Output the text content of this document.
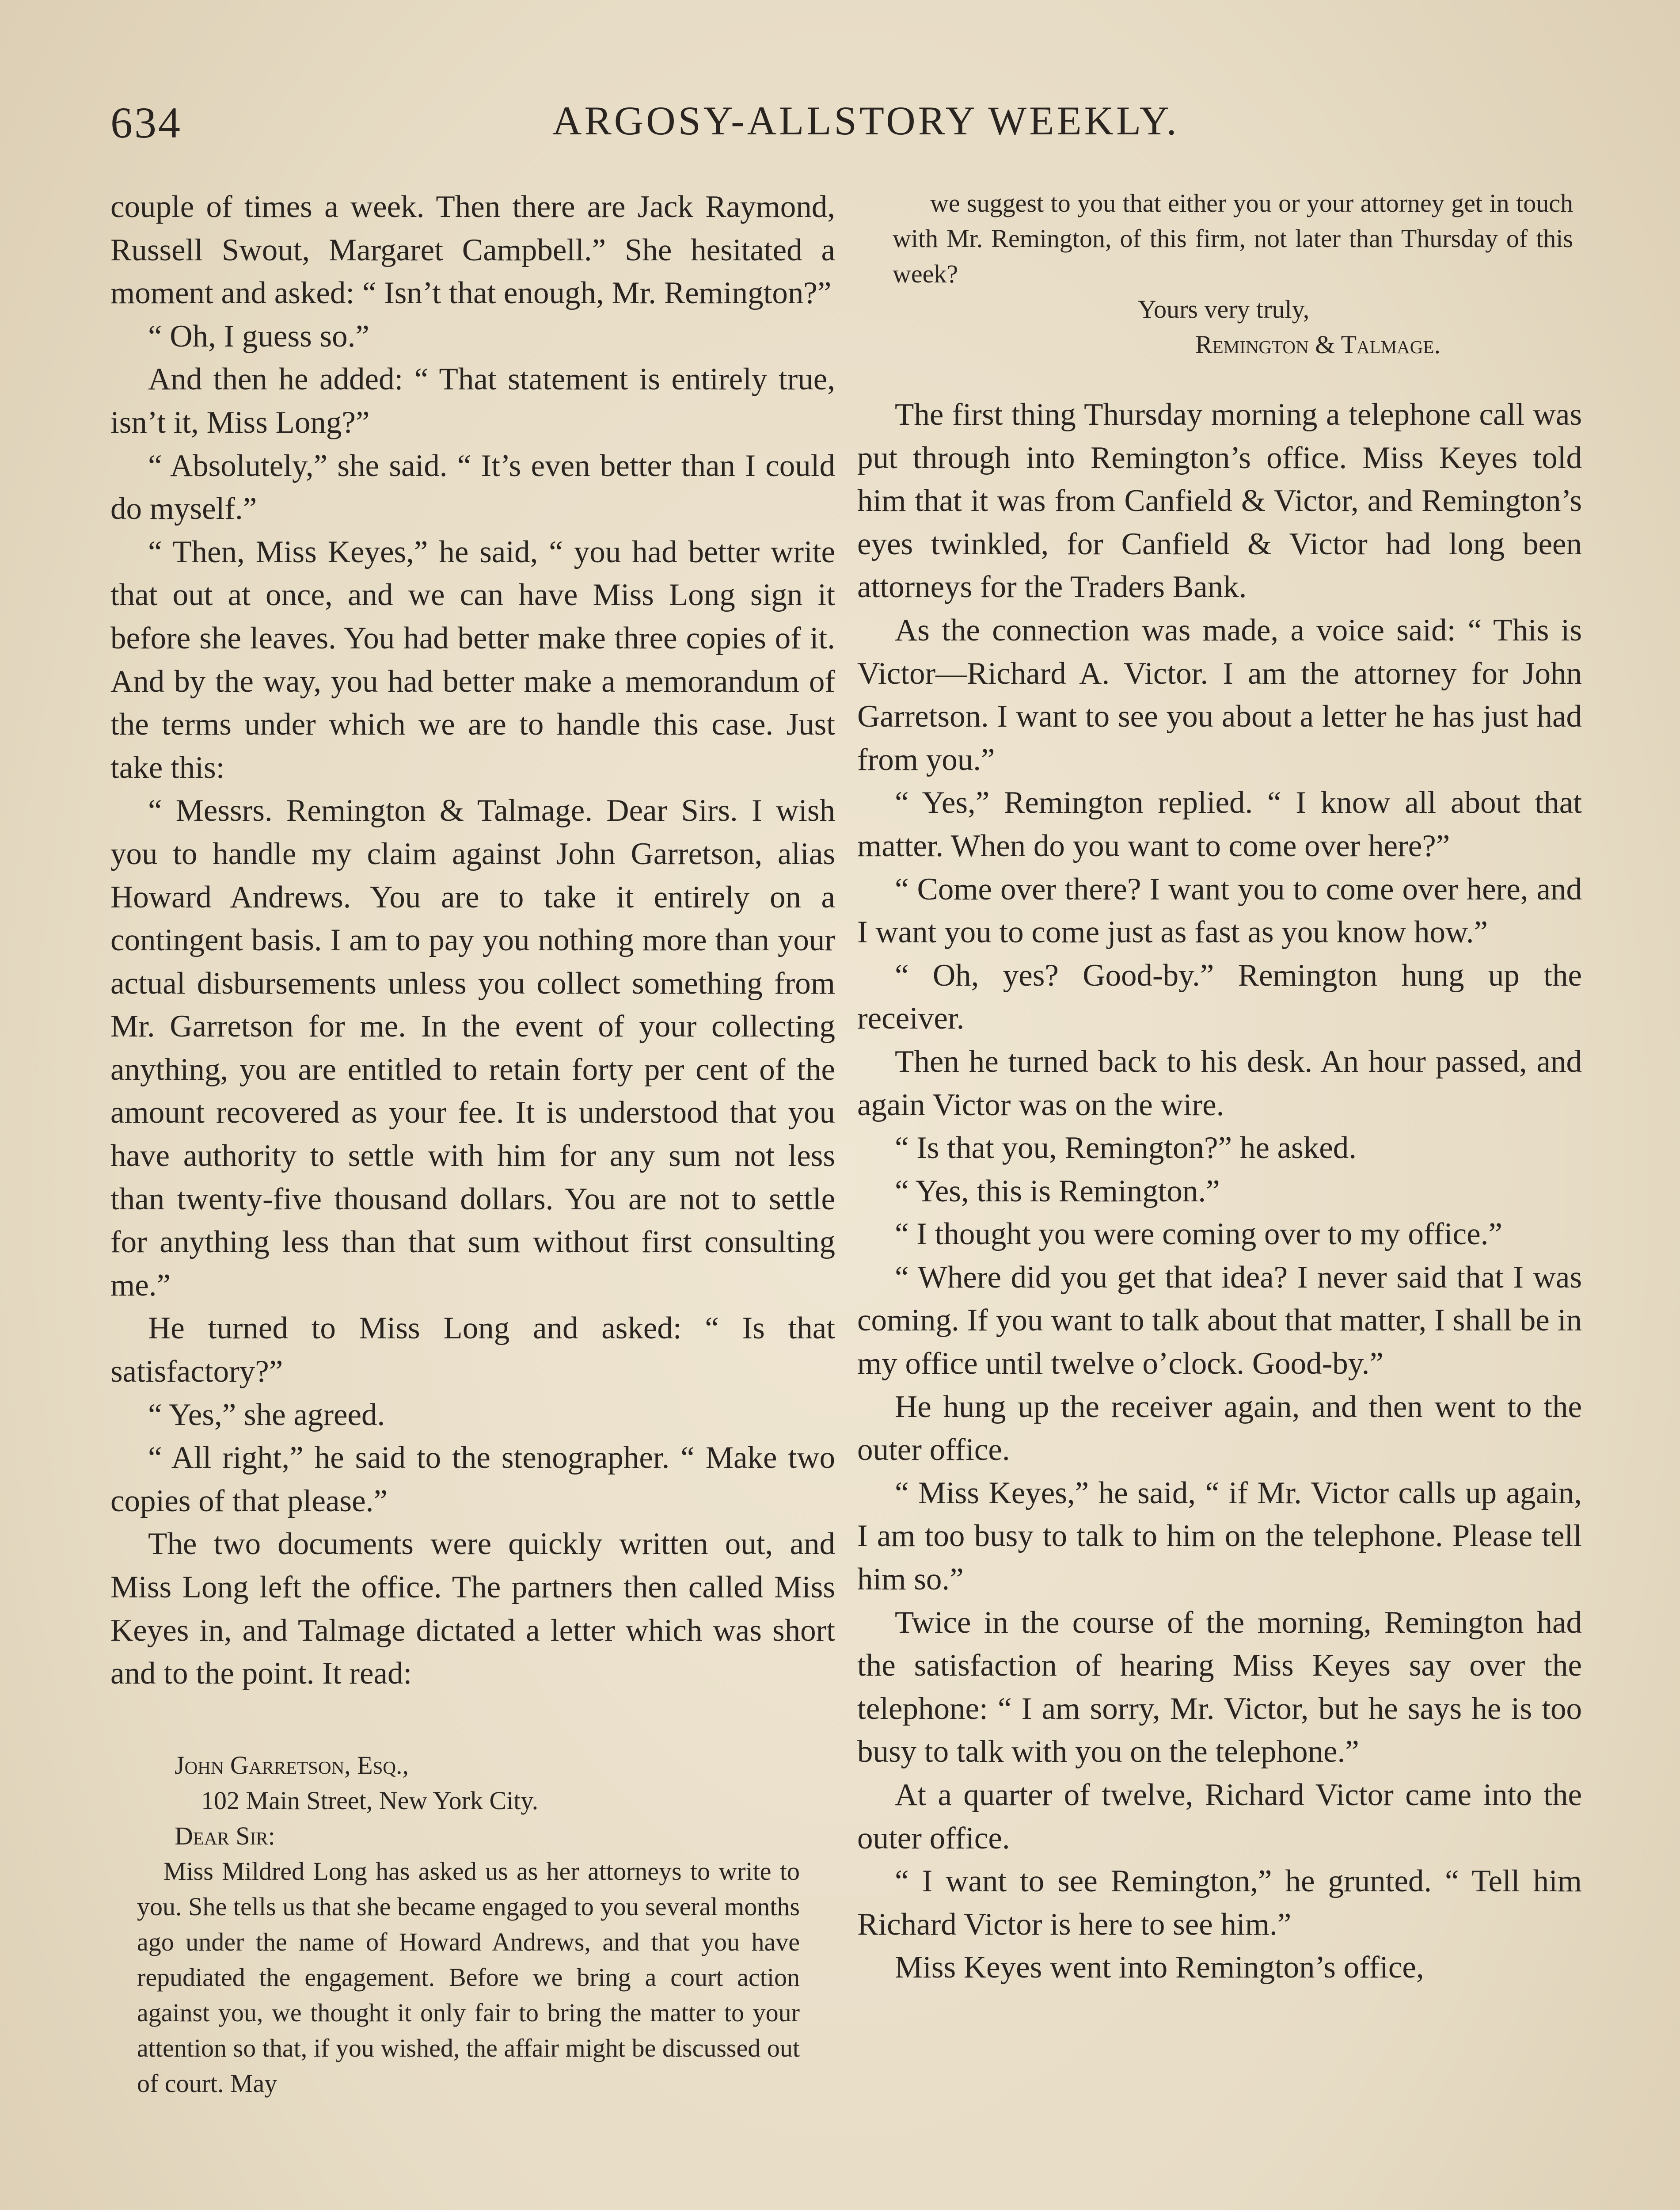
634	ARGOSY-ALLSTORY WEEKLY.

couple of times a week. Then there are Jack Raymond, Russell Swout, Margaret Campbell.” She hesitated a moment and asked: “ Isn’t that enough, Mr. Remington?”

“ Oh, I guess so.”

And then he added: “ That statement is entirely true, isn’t it, Miss Long?”

“ Absolutely,” she said. “ It’s even better than I could do myself.”

“ Then, Miss Keyes,” he said, “ you had better write that out at once, and we can have Miss Long sign it before she leaves. You had better make three copies of it. And by the way, you had better make a memorandum of the terms under which we are to handle this case. Just take this:

“ Messrs. Remington & Talmage. Dear Sirs. I wish you to handle my claim against John Garretson, alias Howard Andrews. You are to take it entirely on a contingent basis. I am to pay you nothing more than your actual disbursements unless you collect something from Mr. Garretson for me. In the event of your collecting anything, you are entitled to retain forty per cent of the amount recovered as your fee. It is understood that you have authority to settle with him for any sum not less than twenty-five thousand dollars. You are not to settle for anything less than that sum without first consulting me.”

He turned to Miss Long and asked: “ Is that satisfactory?”

“ Yes,” she agreed.

“ All right,” he said to the stenographer. “ Make two copies of that please.”

The two documents were quickly written out, and Miss Long left the office. The partners then called Miss Keyes in, and Talmage dictated a letter which was short and to the point. It read:

John Garretson, Esq.,

102 Main Street, New York City.

Dear Sir:

Miss Mildred Long has asked us as her attorneys to write to you. She tells us that she became engaged to you several months ago under the name of Howard Andrews, and that you have repudiated the engagement. Before we bring a court action against you, we thought it only fair to bring the matter to your attention so that, if you wished, the affair might be discussed out of court. May

we suggest to you that either you or your attorney get in touch with Mr. Remington, of this firm, not later than Thursday of this week?

Yours very truly,

Remington & Talmage.

The first thing Thursday morning a telephone call was put through into Remington’s office. Miss Keyes told him that it was from Canfield & Victor, and Remington’s eyes twinkled, for Canfield & Victor had long been attorneys for the Traders Bank.

As the connection was made, a voice said: “ This is Victor—Richard A. Victor. I am the attorney for John Garretson. I want to see you about a letter he has just had from you.”

“ Yes,” Remington replied. “ I know all about that matter. When do you want to come over here?”

“ Come over there? I want you to come over here, and I want you to come just as fast as you know how.”

“ Oh, yes? Good-by.” Remington hung up the receiver.

Then he turned back to his desk. An hour passed, and again Victor was on the wire.

“ Is that you, Remington?” he asked.

“ Yes, this is Remington.”

“ I thought you were coming over to my office.”

“ Where did you get that idea? I never said that I was coming. If you want to talk about that matter, I shall be in my office until twelve o’clock. Good-by.”

He hung up the receiver again, and then went to the outer office.

“ Miss Keyes,” he said, “ if Mr. Victor calls up again, I am too busy to talk to him on the telephone. Please tell him so.”

Twice in the course of the morning, Remington had the satisfaction of hearing Miss Keyes say over the telephone: “ I am sorry, Mr. Victor, but he says he is too busy to talk with you on the telephone.”

At a quarter of twelve, Richard Victor came into the outer office.

“ I want to see Remington,” he grunted. “ Tell him Richard Victor is here to see him.”

Miss Keyes went into Remington’s office,
